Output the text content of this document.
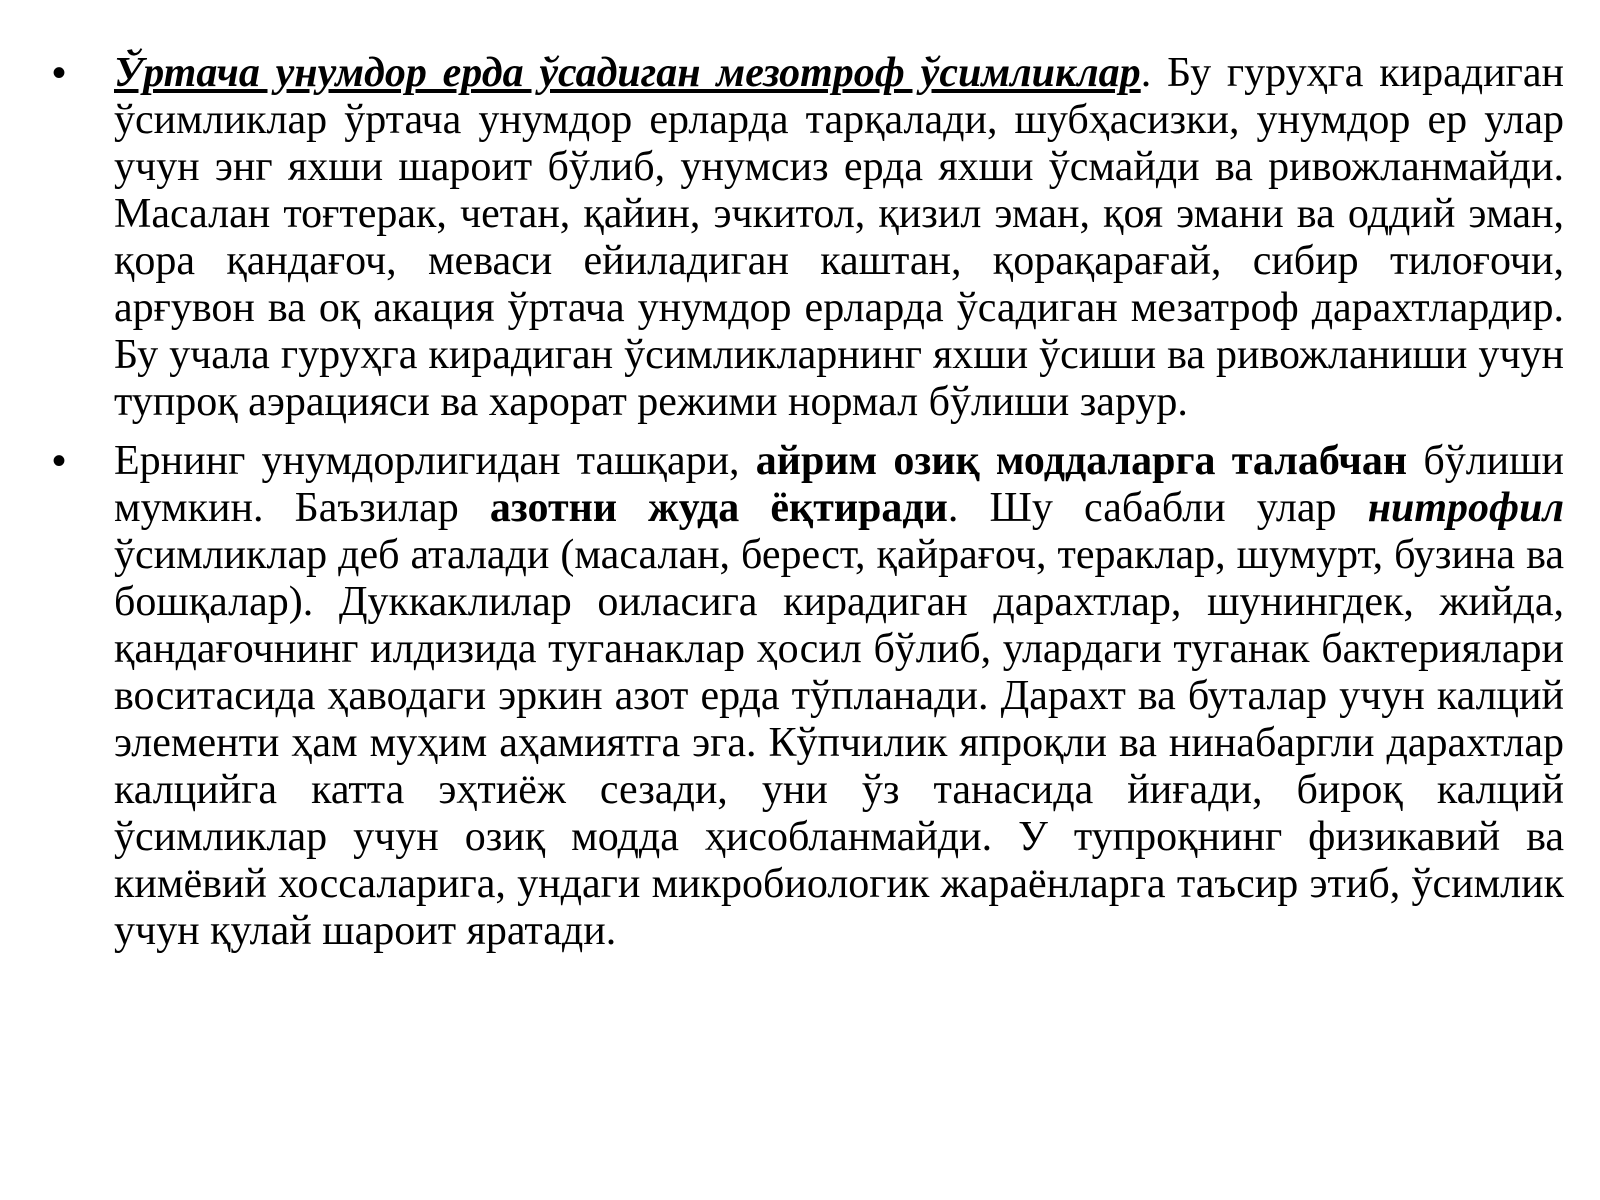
•	Ўртача унумдор ерда ўсадиган мезотроф ўсимликлар. Бу гуруҳга кирадиган ўсимликлар ўртача унумдор ерларда тарқалади, шубҳасизки, унумдор ер улар учун энг яхши шароит бўлиб, унумсиз ерда яхши ўсмайди ва ривожланмайди. Масалан тоғтерак, четан, қайин, эчкитол, қизил эман, қоя эмани ва оддий эман, қора қандағоч, меваси ейиладиган каштан, қорақарағай, сибир тилоғочи, арғувон ва оқ акация ўртача унумдор ерларда ўсадиган мезатроф дарахтлардир. Бу учала гуруҳга кирадиган ўсимликларнинг яхши ўсиши ва ривожланиши учун тупроқ аэрацияси ва харорат режими нормал бўлиши зарур.
•	Ернинг унумдорлигидан ташқари, айрим озиқ моддаларга талабчан бўлиши мумкин. Баъзилар азотни жуда ёқтиради. Шу сабабли улар нитрофил ўсимликлар деб аталади (масалан, берест, қайрағоч, тераклар, шумурт, бузина ва бошқалар). Дуккаклилар оиласига кирадиган дарахтлар, шунингдек, жийда, қандағочнинг илдизида туганаклар ҳосил бўлиб, улардаги туганак бактериялари воситасида ҳаводаги эркин азот ерда тўпланади. Дарахт ва буталар учун калций элементи ҳам муҳим аҳамиятга эга. Кўпчилик япроқли ва нинабаргли дарахтлар калцийга катта эҳтиёж сезади, уни ўз танасида йиғади, бироқ калций ўсимликлар учун озиқ модда ҳисобланмайди. У тупроқнинг физикавий ва кимёвий хоссаларига, ундаги микробиологик жараёнларга таъсир этиб, ўсимлик учун қулай шароит яратади.
